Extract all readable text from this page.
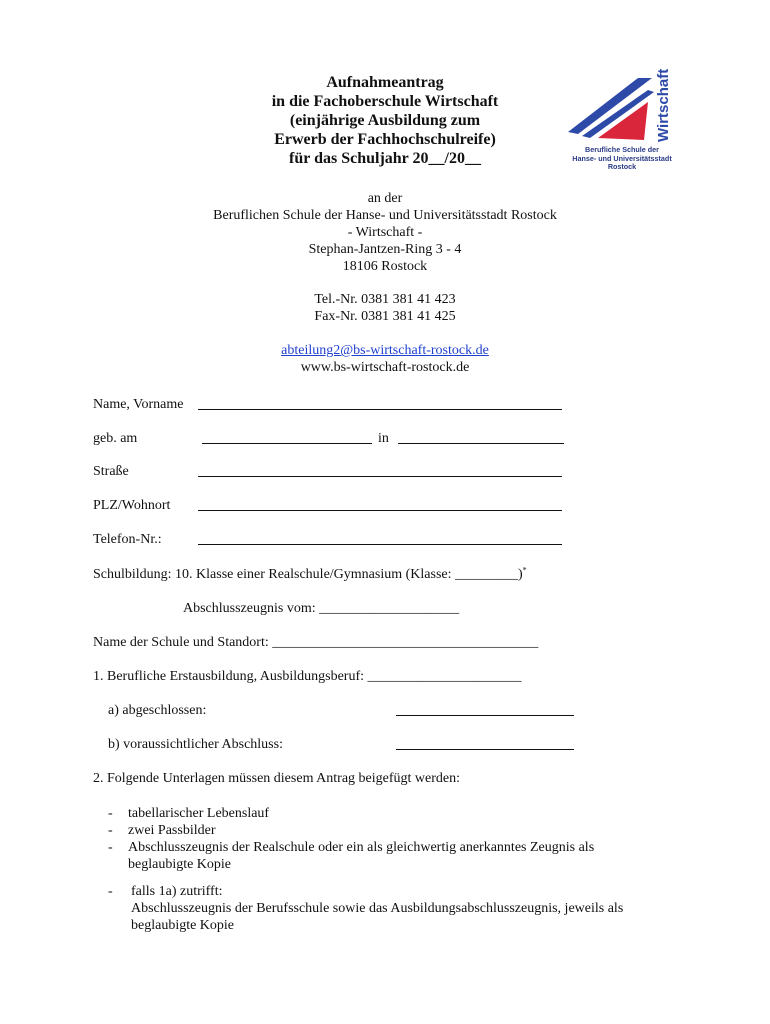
Aufnahmeantrag
in die Fachoberschule Wirtschaft
(einjährige Ausbildung zum
Erwerb der Fachhochschulreife)
für das Schuljahr 20__/20__
Wirtschaft
Berufliche Schule der
Hanse- und Universitätsstadt
Rostock
an der
Beruflichen Schule der Hanse- und Universitätsstadt Rostock
- Wirtschaft -
Stephan-Jantzen-Ring 3 - 4
18106 Rostock
Tel.-Nr. 0381 381 41 423
Fax-Nr. 0381 381 41 425
abteilung2@bs-wirtschaft-rostock.de
www.bs-wirtschaft-rostock.de
Name, Vorname
geb. am	in
Straße
PLZ/Wohnort
Telefon-Nr.:
Schulbildung: 10. Klasse einer Realschule/Gymnasium (Klasse: _________)*
Abschlusszeugnis vom: ____________________
Name der Schule und Standort: ______________________________________
1. Berufliche Erstausbildung, Ausbildungsberuf: ______________________
a) abgeschlossen:
b) voraussichtlicher Abschluss:
2. Folgende Unterlagen müssen diesem Antrag beigefügt werden:
- tabellarischer Lebenslauf
- zwei Passbilder
- Abschlusszeugnis der Realschule oder ein als gleichwertig anerkanntes Zeugnis als
beglaubigte Kopie
- falls 1a) zutrifft:
Abschlusszeugnis der Berufsschule sowie das Ausbildungsabschlusszeugnis, jeweils als
beglaubigte Kopie
